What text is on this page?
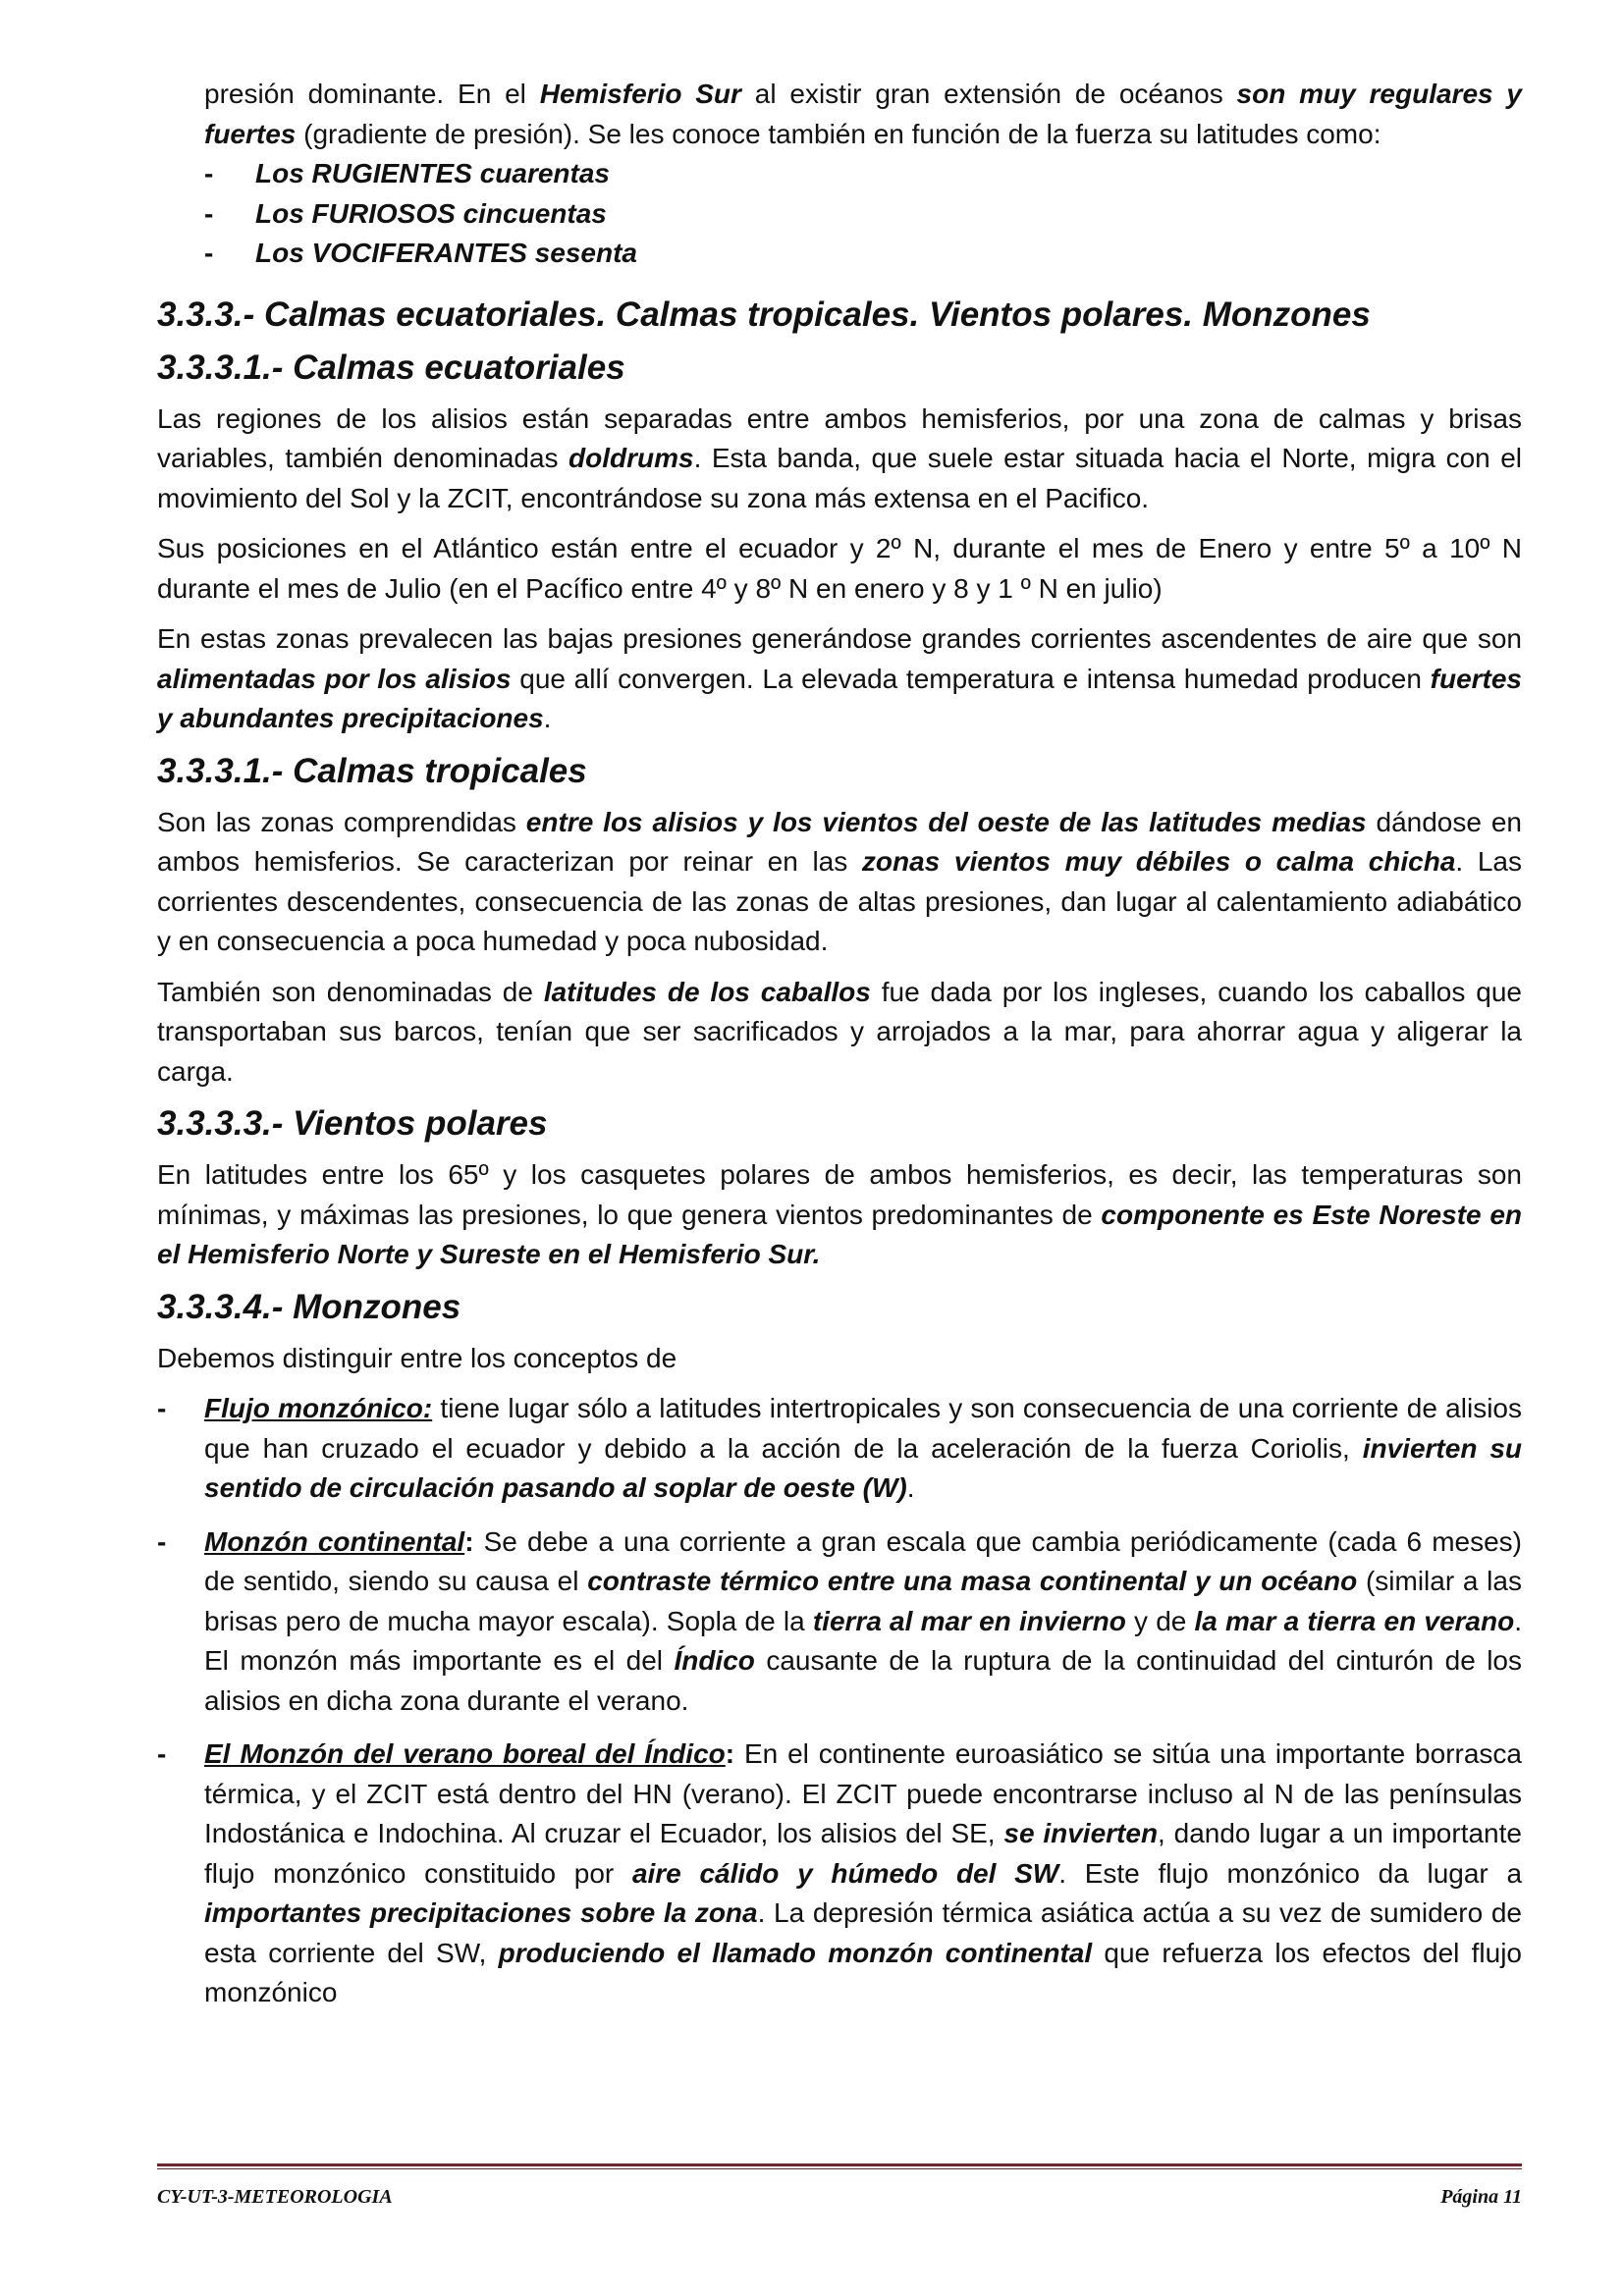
presión dominante. En el Hemisferio Sur al existir gran extensión de océanos son muy regulares y fuertes (gradiente de presión). Se les conoce también en función de la fuerza su latitudes como:

- Los RUGIENTES cuarentas
- Los FURIOSOS cincuentas
- Los VOCIFERANTES sesenta
3.3.3.- Calmas ecuatoriales. Calmas tropicales. Vientos polares. Monzones
3.3.3.1.- Calmas ecuatoriales

Las regiones de los alisios están separadas entre ambos hemisferios, por una zona de calmas y brisas variables, también denominadas doldrums. Esta banda, que suele estar situada hacia el Norte, migra con el movimiento del Sol y la ZCIT, encontrándose su zona más extensa en el Pacifico.

Sus posiciones en el Atlántico están entre el ecuador y 2º N, durante el mes de Enero y entre 5º a 10º N durante el mes de Julio (en el Pacífico entre 4º y 8º N en enero y 8 y 1 º N en julio)

En estas zonas prevalecen las bajas presiones generándose grandes corrientes ascendentes de aire que son alimentadas por los alisios que allí convergen. La elevada temperatura e intensa humedad producen fuertes y abundantes precipitaciones.

3.3.3.1.- Calmas tropicales

Son las zonas comprendidas entre los alisios y los vientos del oeste de las latitudes medias dándose en ambos hemisferios. Se caracterizan por reinar en las zonas vientos muy débiles o calma chicha. Las corrientes descendentes, consecuencia de las zonas de altas presiones, dan lugar al calentamiento adiabático y en consecuencia a poca humedad y poca nubosidad.

También son denominadas de latitudes de los caballos fue dada por los ingleses, cuando los caballos que transportaban sus barcos, tenían que ser sacrificados y arrojados a la mar, para ahorrar agua y aligerar la carga.

3.3.3.3.- Vientos polares

En latitudes entre los 65º y los casquetes polares de ambos hemisferios, es decir, las temperaturas son mínimas, y máximas las presiones, lo que genera vientos predominantes de componente es Este Noreste en el Hemisferio Norte y Sureste en el Hemisferio Sur.

3.3.3.4.- Monzones

Debemos distinguir entre los conceptos de

- Flujo monzónico: tiene lugar sólo a latitudes intertropicales y son consecuencia de una corriente de alisios que han cruzado el ecuador y debido a la acción de la aceleración de la fuerza Coriolis, invierten su sentido de circulación pasando al soplar de oeste (W).
- Monzón continental: Se debe a una corriente a gran escala que cambia periódicamente (cada 6 meses) de sentido, siendo su causa el contraste térmico entre una masa continental y un océano (similar a las brisas pero de mucha mayor escala). Sopla de la tierra al mar en invierno y de la mar a tierra en verano. El monzón más importante es el del Índico causante de la ruptura de la continuidad del cinturón de los alisios en dicha zona durante el verano.
- El Monzón del verano boreal del Índico: En el continente euroasiático se sitúa una importante borrasca térmica, y el ZCIT está dentro del HN (verano). El ZCIT puede encontrarse incluso al N de las penínsulas Indostánica e Indochina. Al cruzar el Ecuador, los alisios del SE, se invierten, dando lugar a un importante flujo monzónico constituido por aire cálido y húmedo del SW. Este flujo monzónico da lugar a importantes precipitaciones sobre la zona. La depresión térmica asiática actúa a su vez de sumidero de esta corriente del SW, produciendo el llamado monzón continental que refuerza los efectos del flujo monzónico
CY-UT-3-METEOROLOGIA	Página 11
